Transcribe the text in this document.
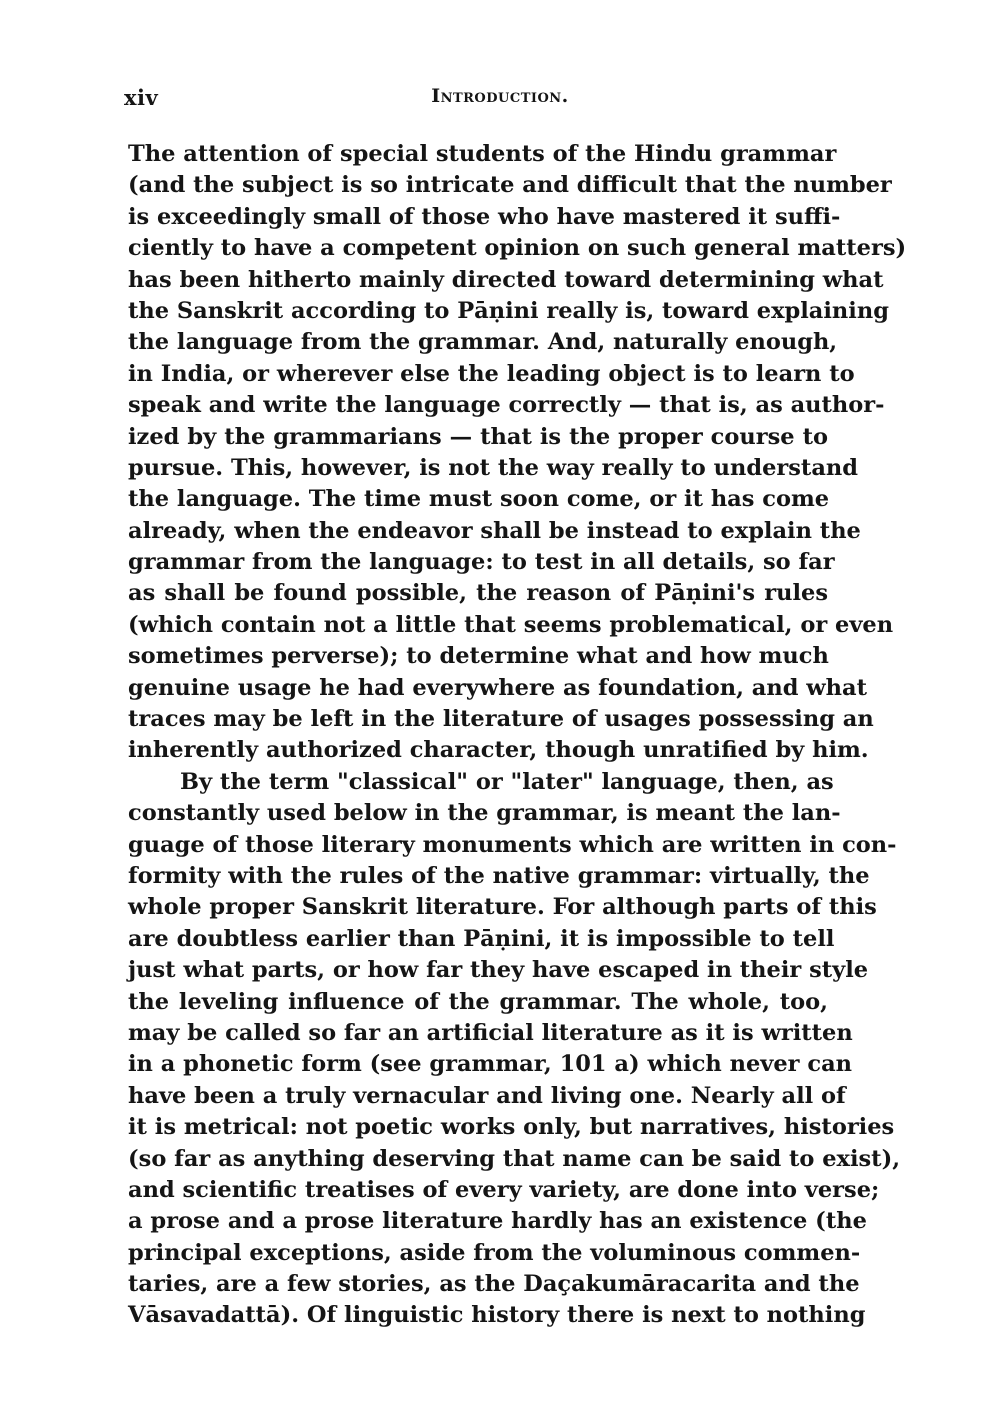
xiv	Introduction.
The attention of special students of the Hindu grammar
(and the subject is so intricate and difficult that the number
is exceedingly small of those who have mastered it suffi-
ciently to have a competent opinion on such general matters)
has been hitherto mainly directed toward determining what
the Sanskrit according to Pāṇini really is, toward explaining
the language from the grammar. And, naturally enough,
in India, or wherever else the leading object is to learn to
speak and write the language correctly — that is, as author-
ized by the grammarians — that is the proper course to
pursue. This, however, is not the way really to understand
the language. The time must soon come, or it has come
already, when the endeavor shall be instead to explain the
grammar from the language: to test in all details, so far
as shall be found possible, the reason of Pāṇini's rules
(which contain not a little that seems problematical, or even
sometimes perverse); to determine what and how much
genuine usage he had everywhere as foundation, and what
traces may be left in the literature of usages possessing an
inherently authorized character, though unratified by him.
By the term "classical" or "later" language, then, as
constantly used below in the grammar, is meant the lan-
guage of those literary monuments which are written in con-
formity with the rules of the native grammar: virtually, the
whole proper Sanskrit literature. For although parts of this
are doubtless earlier than Pāṇini, it is impossible to tell
just what parts, or how far they have escaped in their style
the leveling influence of the grammar. The whole, too,
may be called so far an artificial literature as it is written
in a phonetic form (see grammar, 101 a) which never can
have been a truly vernacular and living one. Nearly all of
it is metrical: not poetic works only, but narratives, histories
(so far as anything deserving that name can be said to exist),
and scientific treatises of every variety, are done into verse;
a prose and a prose literature hardly has an existence (the
principal exceptions, aside from the voluminous commen-
taries, are a few stories, as the Daçakumāracarita and the
Vāsavadattā). Of linguistic history there is next to nothing
